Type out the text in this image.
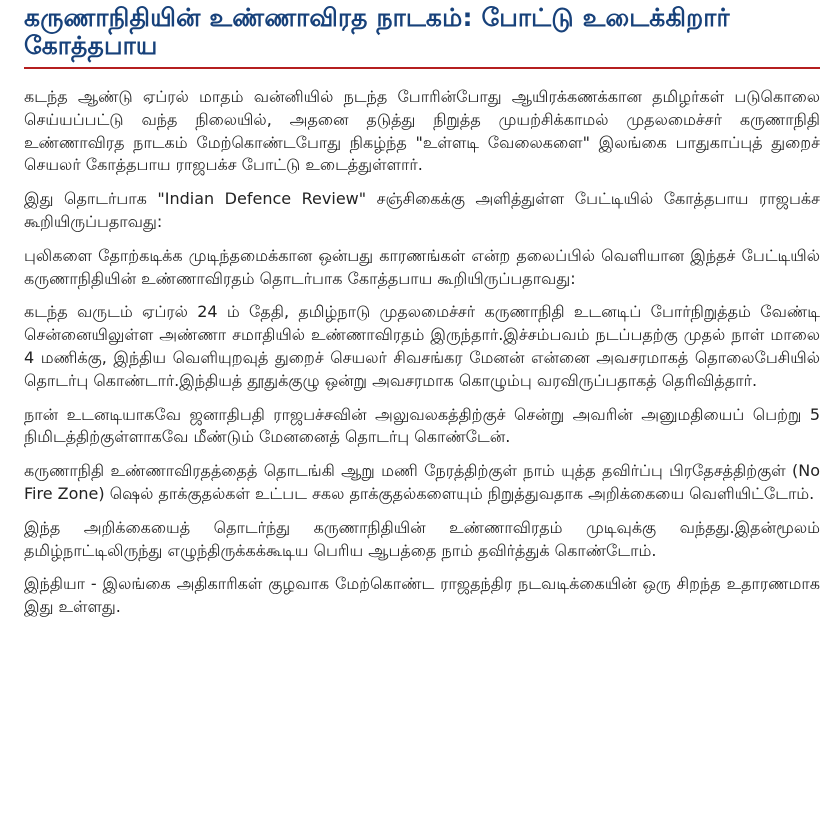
கருணாநிதியின் உண்ணாவிரத நாடகம்: போட்டு உடைக்கிறார் கோத்தபாய

கடந்த ஆண்டு ஏப்ரல் மாதம் வன்னியில் நடந்த போரின்போது ஆயிரக்கணக்கான தமிழர்கள் படுகொலை செய்யப்பட்டு வந்த நிலையில், அதனை தடுத்து நிறுத்த முயற்சிக்காமல் முதலமைச்சர் கருணாநிதி உண்ணாவிரத நாடகம் மேற்கொண்டபோது நிகழ்ந்த "உள்ளடி வேலைகளை" இலங்கை பாதுகாப்புத் துறைச் செயலர் கோத்தபாய ராஜபக்ச போட்டு உடைத்துள்ளார்.

இது தொடர்பாக "Indian Defence Review" சஞ்சிகைக்கு அளித்துள்ள பேட்டியில் கோத்தபாய ராஜபக்ச கூறியிருப்பதாவது:

புலிகளை தோற்கடிக்க முடிந்தமைக்கான ஒன்பது காரணங்கள் என்ற தலைப்பில் வெளியான இந்தச் பேட்டியில் கருணாநிதியின் உண்ணாவிரதம் தொடர்பாக கோத்தபாய கூறியிருப்பதாவது:

கடந்த வருடம் ஏப்ரல் 24 ம் தேதி, தமிழ்நாடு முதலமைச்சர் கருணாநிதி உடனடிப் போர்நிறுத்தம் வேண்டி சென்னையிலுள்ள அண்ணா சமாதியில் உண்ணாவிரதம் இருந்தார்.இச்சம்பவம் நடப்பதற்கு முதல் நாள் மாலை 4 மணிக்கு, இந்திய வெளியுறவுத் துறைச் செயலர் சிவசங்கர மேனன் என்னை அவசரமாகத் தொலைபேசியில் தொடர்பு கொண்டார்.இந்தியத் தூதுக்குழு ஒன்று அவசரமாக கொழும்பு வரவிருப்பதாகத் தெரிவித்தார்.

நான் உடனடியாகவே ஜனாதிபதி ராஜபச்சவின் அலுவலகத்திற்குச் சென்று அவரின் அனுமதியைப் பெற்று 5 நிமிடத்திற்குள்ளாகவே மீண்டும் மேனனைத் தொடர்பு கொண்டேன்.

கருணாநிதி உண்ணாவிரதத்தைத் தொடங்கி ஆறு மணி நேரத்திற்குள் நாம் யுத்த தவிர்ப்பு பிரதேசத்திற்குள் (No Fire Zone) ஷெல் தாக்குதல்கள் உட்பட சகல தாக்குதல்களையும் நிறுத்துவதாக அறிக்கையை வெளியிட்டோம்.

இந்த அறிக்கையைத் தொடர்ந்து கருணாநிதியின் உண்ணாவிரதம் முடிவுக்கு வந்தது.இதன்மூலம் தமிழ்நாட்டிலிருந்து எழுந்திருக்கக்கூடிய பெரிய ஆபத்தை நாம் தவிர்த்துக் கொண்டோம்.

இந்தியா - இலங்கை அதிகாரிகள் குழவாக மேற்கொண்ட ராஜதந்திர நடவடிக்கையின் ஒரு சிறந்த உதாரணமாக இது உள்ளது.
